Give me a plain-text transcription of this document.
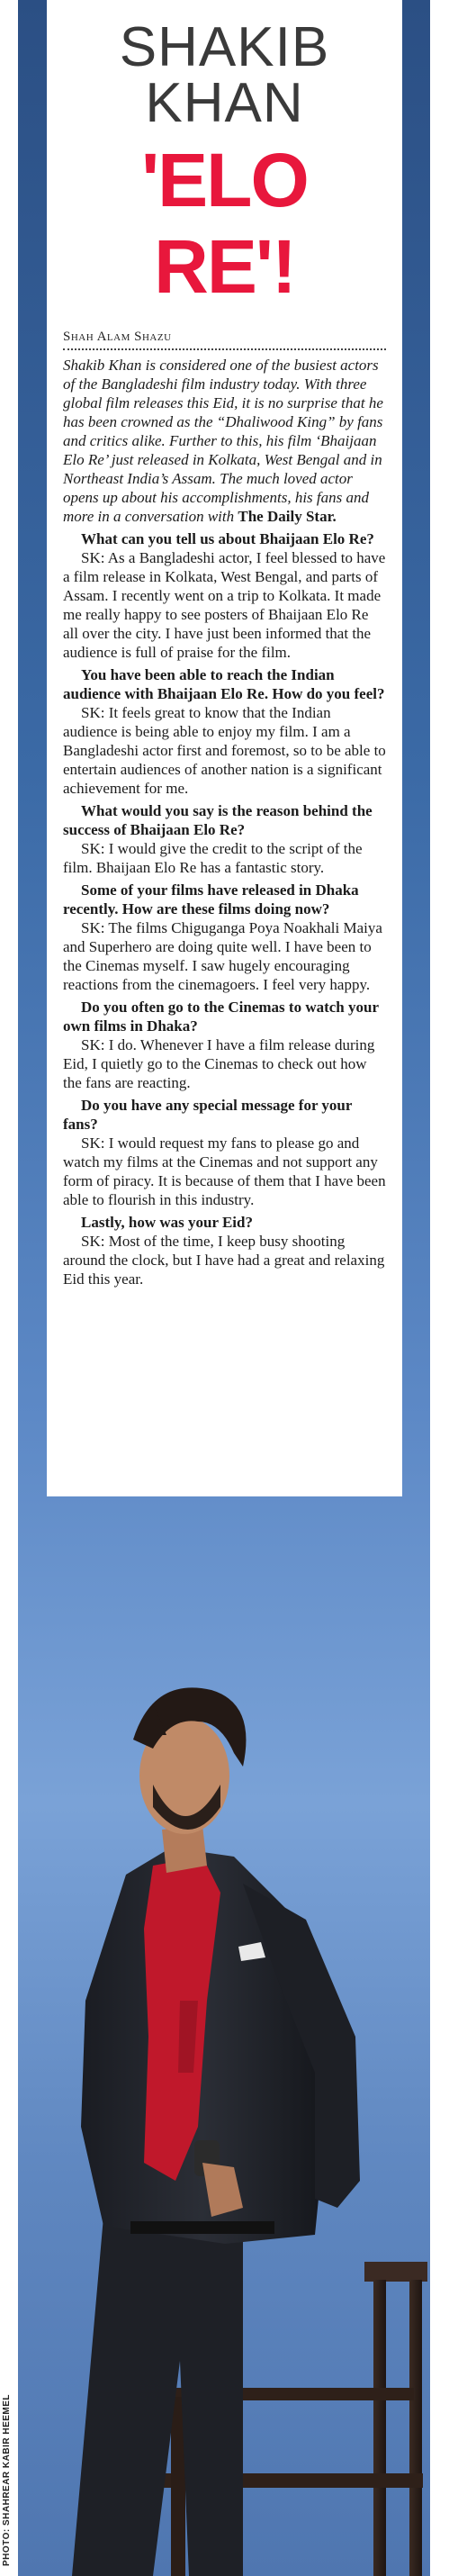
PHOTO: SHAHREAR KABIR HEEMEL
SHAKIB
KHAN
'ELO RE'!
Shah Alam Shazu

Shakib Khan is considered one of the busiest actors of the Bangladeshi film industry today. With three global film releases this Eid, it is no surprise that he has been crowned as the “Dhaliwood King” by fans and critics alike. Further to this, his film ‘Bhaijaan Elo Re’ just released in Kolkata, West Bengal and in Northeast India’s Assam. The much loved actor opens up about his accomplishments, his fans and more in a conversation with The Daily Star.

What can you tell us about Bhaijaan Elo Re?

SK: As a Bangladeshi actor, I feel blessed to have a film release in Kolkata, West Bengal, and parts of Assam. I recently went on a trip to Kolkata. It made me really happy to see posters of Bhaijaan Elo Re all over the city. I have just been informed that the audience is full of praise for the film.

You have been able to reach the Indian audience with Bhaijaan Elo Re. How do you feel?

SK: It feels great to know that the Indian audience is being able to enjoy my film. I am a Bangladeshi actor first and foremost, so to be able to entertain audiences of another nation is a significant achievement for me.

What would you say is the reason behind the success of Bhaijaan Elo Re?

SK: I would give the credit to the script of the film. Bhaijaan Elo Re has a fantastic story.

Some of your films have released in Dhaka recently. How are these films doing now?

SK: The films Chiguganga Poya Noakhali Maiya and Superhero are doing quite well. I have been to the Cinemas myself. I saw hugely encouraging reactions from the cinemagoers. I feel very happy.

Do you often go to the Cinemas to watch your own films in Dhaka?

SK: I do. Whenever I have a film release during Eid, I quietly go to the Cinemas to check out how the fans are reacting.

Do you have any special message for your fans?

SK: I would request my fans to please go and watch my films at the Cinemas and not support any form of piracy. It is because of them that I have been able to flourish in this industry.

Lastly, how was your Eid?

SK: Most of the time, I keep busy shooting around the clock, but I have had a great and relaxing Eid this year.
